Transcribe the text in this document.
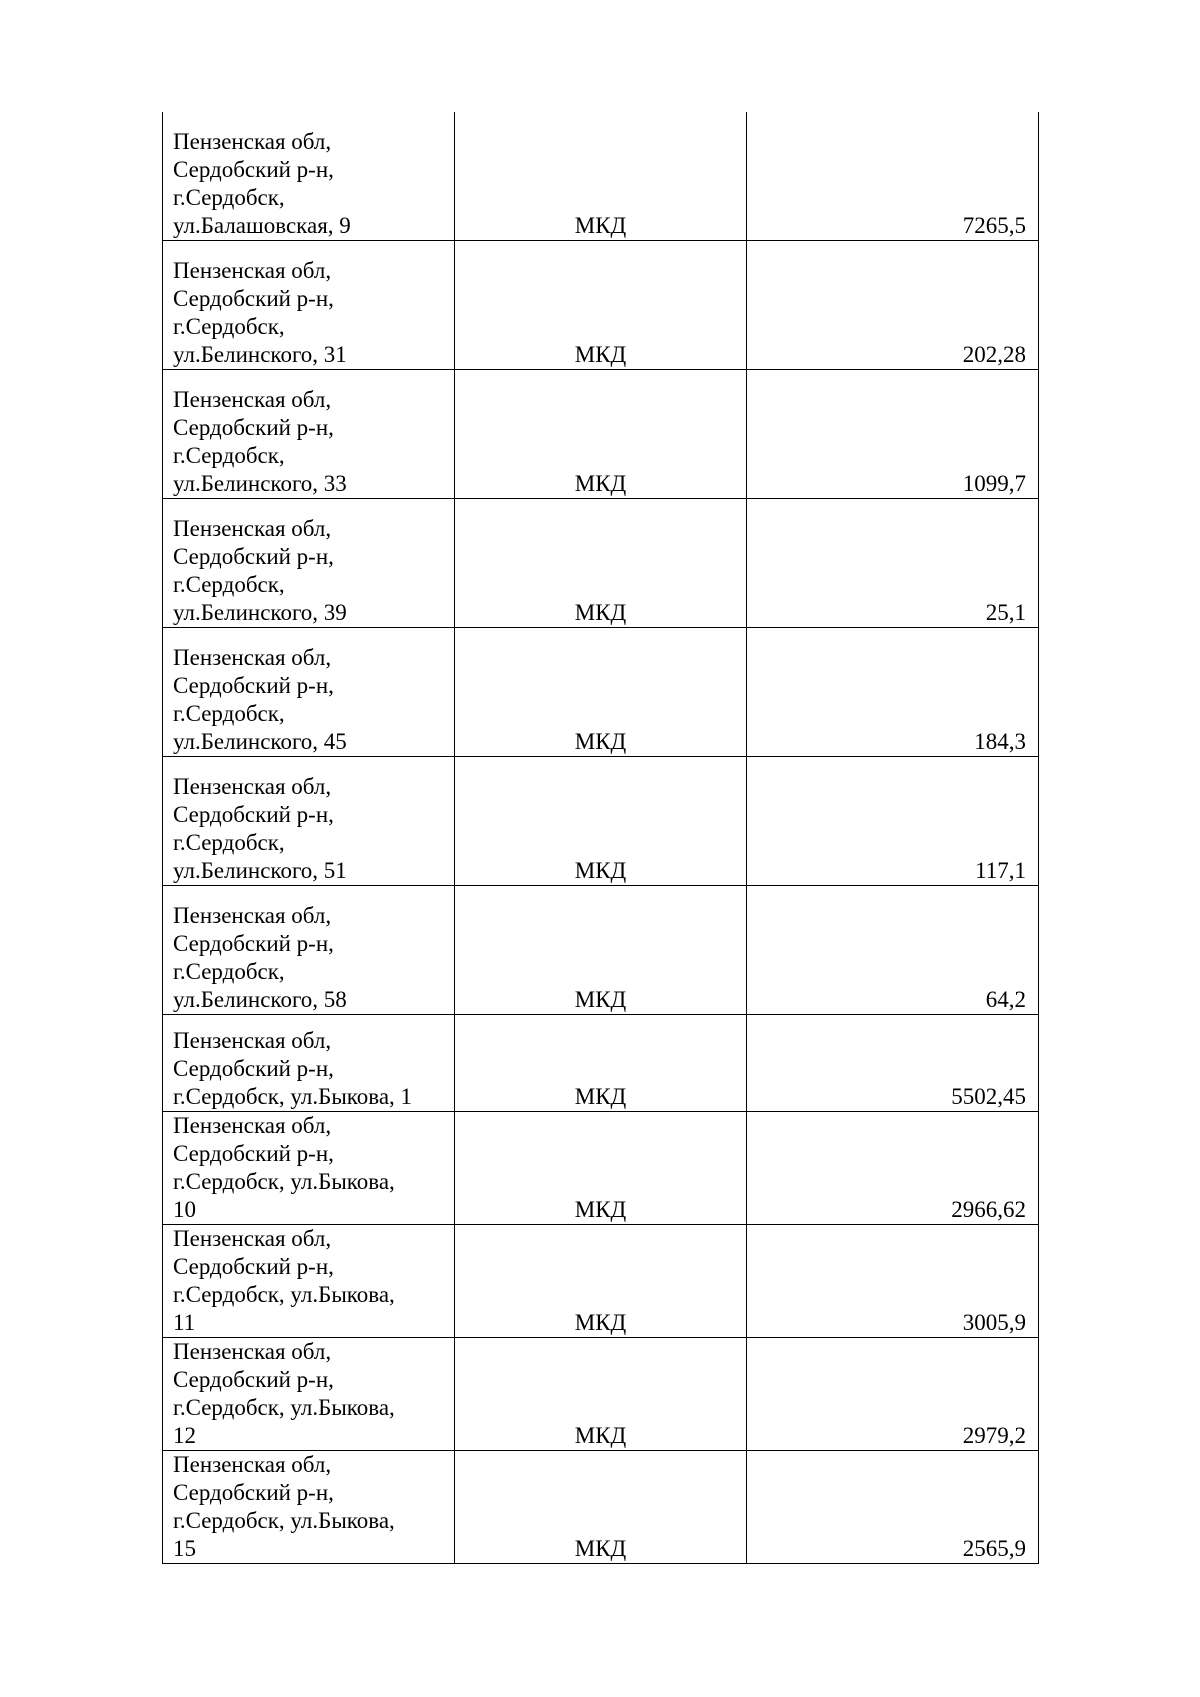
Пензенская обл,
Сердобский р-н,
г.Сердобск,
ул.Балашовская, 9	МКД	7265,5
Пензенская обл,
Сердобский р-н,
г.Сердобск,
ул.Белинского, 31	МКД	202,28
Пензенская обл,
Сердобский р-н,
г.Сердобск,
ул.Белинского, 33	МКД	1099,7
Пензенская обл,
Сердобский р-н,
г.Сердобск,
ул.Белинского, 39	МКД	25,1
Пензенская обл,
Сердобский р-н,
г.Сердобск,
ул.Белинского, 45	МКД	184,3
Пензенская обл,
Сердобский р-н,
г.Сердобск,
ул.Белинского, 51	МКД	117,1
Пензенская обл,
Сердобский р-н,
г.Сердобск,
ул.Белинского, 58	МКД	64,2
Пензенская обл,
Сердобский р-н,
г.Сердобск, ул.Быкова, 1	МКД	5502,45
Пензенская обл,
Сердобский р-н,
г.Сердобск, ул.Быкова,
10	МКД	2966,62
Пензенская обл,
Сердобский р-н,
г.Сердобск, ул.Быкова,
11	МКД	3005,9
Пензенская обл,
Сердобский р-н,
г.Сердобск, ул.Быкова,
12	МКД	2979,2
Пензенская обл,
Сердобский р-н,
г.Сердобск, ул.Быкова,
15	МКД	2565,9
